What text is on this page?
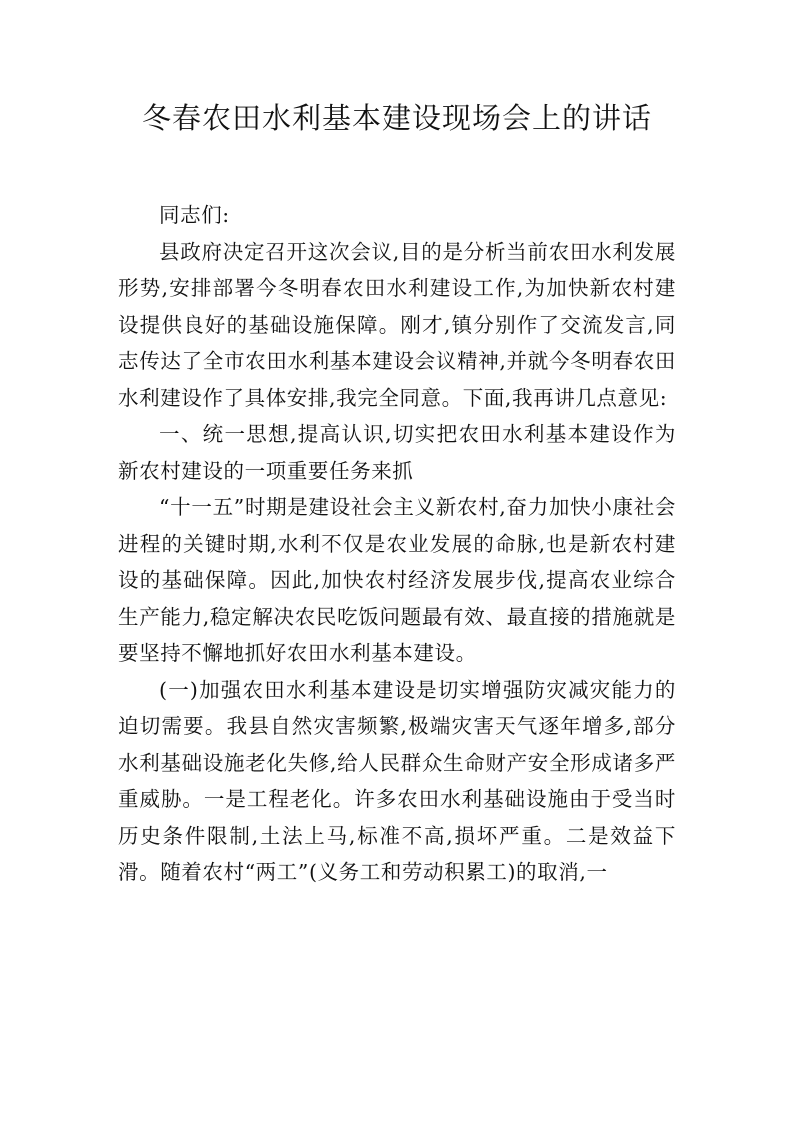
冬春农田水利基本建设现场会上的讲话

同志们:

县政府决定召开这次会议,目的是分析当前农田水利发展形势,安排部署今冬明春农田水利建设工作,为加快新农村建设提供良好的基础设施保障。刚才,镇分别作了交流发言,同志传达了全市农田水利基本建设会议精神,并就今冬明春农田水利建设作了具体安排,我完全同意。下面,我再讲几点意见:

一、统一思想,提高认识,切实把农田水利基本建设作为新农村建设的一项重要任务来抓

“十一五”时期是建设社会主义新农村,奋力加快小康社会进程的关键时期,水利不仅是农业发展的命脉,也是新农村建设的基础保障。因此,加快农村经济发展步伐,提高农业综合生产能力,稳定解决农民吃饭问题最有效、最直接的措施就是要坚持不懈地抓好农田水利基本建设。

(一)加强农田水利基本建设是切实增强防灾减灾能力的迫切需要。我县自然灾害频繁,极端灾害天气逐年增多,部分水利基础设施老化失修,给人民群众生命财产安全形成诸多严重威胁。一是工程老化。许多农田水利基础设施由于受当时历史条件限制,土法上马,标准不高,损坏严重。二是效益下滑。随着农村“两工”(义务工和劳动积累工)的取消,一
